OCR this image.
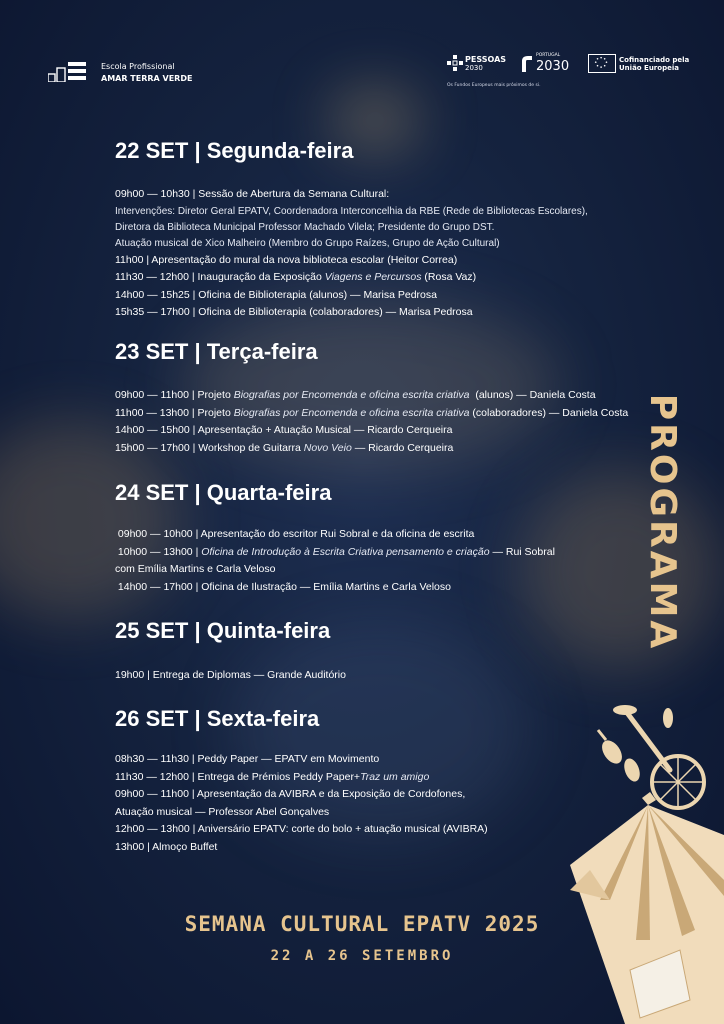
Escola Profissional
AMAR TERRA VERDE
PESSOAS
2030
PORTUGAL
2030	Cofinanciado pela
União Europeia
Os Fundos Europeus mais próximos de si.
22 SET | Segunda-feira
09h00 — 10h30 | Sessão de Abertura da Semana Cultural:
Intervenções: Diretor Geral EPATV, Coordenadora Interconcelhia da RBE (Rede de Bibliotecas Escolares),
Diretora da Biblioteca Municipal Professor Machado Vilela; Presidente do Grupo DST.
Atuação musical de Xico Malheiro (Membro do Grupo Raízes, Grupo de Ação Cultural)
11h00 | Apresentação do mural da nova biblioteca escolar (Heitor Correa)
11h30 — 12h00 | Inauguração da Exposição Viagens e Percursos (Rosa Vaz)
14h00 — 15h25 | Oficina de Biblioterapia (alunos) — Marisa Pedrosa
15h35 — 17h00 | Oficina de Biblioterapia (colaboradores) — Marisa Pedrosa
23 SET | Terça-feira
09h00 — 11h00 | Projeto Biografias por Encomenda e oficina escrita criativa  (alunos) — Daniela Costa
11h00 — 13h00 | Projeto Biografias por Encomenda e oficina escrita criativa (colaboradores) — Daniela Costa
14h00 — 15h00 | Apresentação + Atuação Musical — Ricardo Cerqueira
15h00 — 17h00 | Workshop de Guitarra Novo Veio — Ricardo Cerqueira
24 SET | Quarta-feira
09h00 — 10h00 | Apresentação do escritor Rui Sobral e da oficina de escrita
10h00 — 13h00 | Oficina de Introdução à Escrita Criativa pensamento e criação — Rui Sobral
com Emília Martins e Carla Veloso
14h00 — 17h00 | Oficina de Ilustração — Emília Martins e Carla Veloso
25 SET | Quinta-feira
19h00 | Entrega de Diplomas — Grande Auditório
26 SET | Sexta-feira
08h30 — 11h30 | Peddy Paper — EPATV em Movimento
11h30 — 12h00 | Entrega de Prémios Peddy Paper+Traz um amigo
09h00 — 11h00 | Apresentação da AVIBRA e da Exposição de Cordofones,
Atuação musical — Professor Abel Gonçalves
12h00 — 13h00 | Aniversário EPATV: corte do bolo + atuação musical (AVIBRA)
13h00 | Almoço Buffet
PROGRAMA
SEMANA CULTURAL EPATV 2025
22 A 26 SETEMBRO
